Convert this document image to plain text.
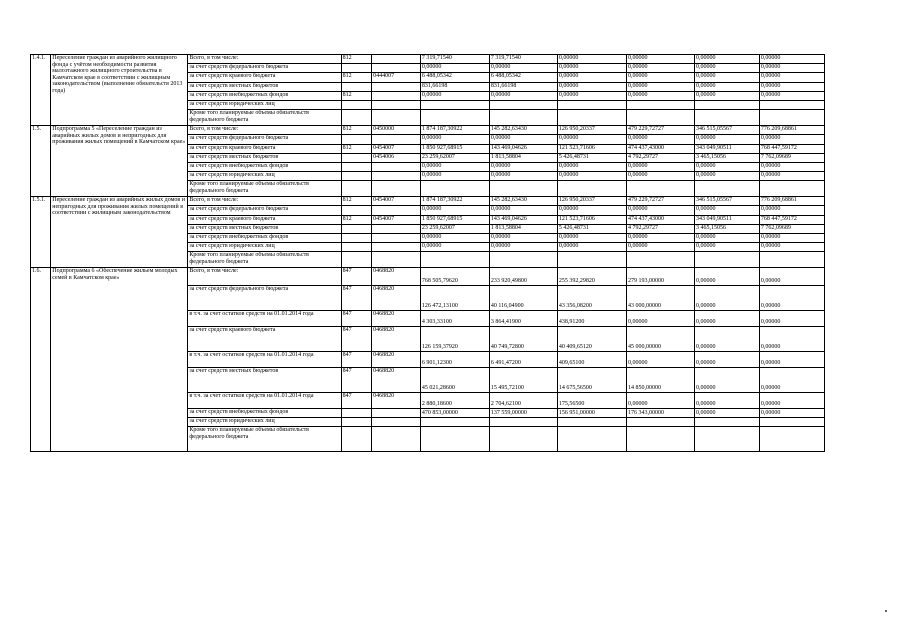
1.4.1.	Переселение граждан из аварийного жилищного фонда с учётом необходимости развития малоэтажного жилищного строительства в Камчатском крае в соответствии с жилищным законодательством (выполнение обязательств 2013 года)	Всего, в том числе:	812		7 319,71540	7 319,71540	0,00000	0,00000	0,00000	0,00000
		за счет средств федерального бюджета			0,00000	0,00000	0,00000	0,00000	0,00000	0,00000
		за счет средств краевого бюджета	812	0444007	6 488,05342	6 488,05342	0,00000	0,00000	0,00000	0,00000
		за счет средств местных бюджетов			831,66198	831,66198	0,00000	0,00000	0,00000	0,00000
		за счет средств внебюджетных фондов	812		0,00000	0,00000	0,00000	0,00000	0,00000	0,00000
		за счет средств юридических лиц								
		Кроме того планируемые объемы обязательств федерального бюджета								
1.5.	Подпрограмма 5 «Переселение граждан из аварийных жилых домов и непригодных для проживания жилых помещений в Камчатском крае»	Всего, в том числе:	812	0450000	1 874 187,30922	145 282,63430	126 950,20337	479 229,72727	346 515,05567	776 209,68861
		за счет средств федерального бюджета			0,00000	0,00000	0,00000	0,00000	0,00000	0,00000
		за счет средств краевого бюджета	812	0454007	1 850 927,68915	143 469,04626	121 523,71606	474 437,43000	343 049,90511	768 447,59172
		за счет средств местных бюджетов		0454006	23 259,62007	1 813,58804	5 426,48731	4 792,29727	3 465,15056	7 762,09689
		за счет средств внебюджетных фондов			0,00000	0,00000	0,00000	0,00000	0,00000	0,00000
		за счет средств юридических лиц			0,00000	0,00000	0,00000	0,00000	0,00000	0,00000
		Кроме того планируемые объемы обязательств федерального бюджета								
1.5.1.	Переселение граждан из аварийных жилых домов и непригодных для проживания жилых помещений в соответствии с жилищным законодательством	Всего, в том числе:	812	0454007	1 874 187,30922	145 282,63430	126 950,20337	479 229,72727	346 515,05567	776 209,68861
		за счет средств федерального бюджета			0,00000	0,00000	0,00000	0,00000	0,00000	0,00000
		за счет средств краевого бюджета	812	0454007	1 850 927,68915	143 469,04626	121 523,71606	474 437,43000	343 049,90511	768 447,59172
		за счет средств местных бюджетов			23 259,62007	1 813,58804	5 426,48731	4 792,29727	3 465,15056	7 762,09689
		за счет средств внебюджетных фондов			0,00000	0,00000	0,00000	0,00000	0,00000	0,00000
		за счет средств юридических лиц			0,00000	0,00000	0,00000	0,00000	0,00000	0,00000
		Кроме того планируемые объемы обязательств федерального бюджета								
1.6.	Подпрограмма 6 «Обеспечение жильем молодых семей в Камчатском крае»	Всего, в том числе:	847	0468820	768 505,79620	233 920,49800	255 392,29820	279 193,00000	0,00000	0,00000
		за счет средств федерального бюджета	847	0468820	126 472,13100	40 116,04900	43 356,08200	43 000,00000	0,00000	0,00000
		в т.ч. за счет остатков средств на 01.01.2014 года	847	0468820	4 303,33100	3 864,41900	438,91200	0,00000	0,00000	0,00000
		за счет средств краевого бюджета	847	0468820	126 159,37920	40 749,72800	40 409,65120	45 000,00000	0,00000	0,00000
		в т.ч. за счет остатков средств на 01.01.2014 года	847	0468820	6 901,12300	6 491,47200	409,65100	0,00000	0,00000	0,00000
		за счет средств местных бюджетов	847	0468820	45 021,28600	15 495,72100	14 675,56500	14 850,00000	0,00000	0,00000
		в т.ч. за счет остатков средств на 01.01.2014 года	847	0468820	2 880,18600	2 704,62100	175,56500	0,00000	0,00000	0,00000
		за счет средств внебюджетных фондов			470 853,00000	137 559,00000	156 951,00000	176 343,00000	0,00000	0,00000
		за счет средств юридических лиц								
		Кроме того планируемые объемы обязательств федерального бюджета								
